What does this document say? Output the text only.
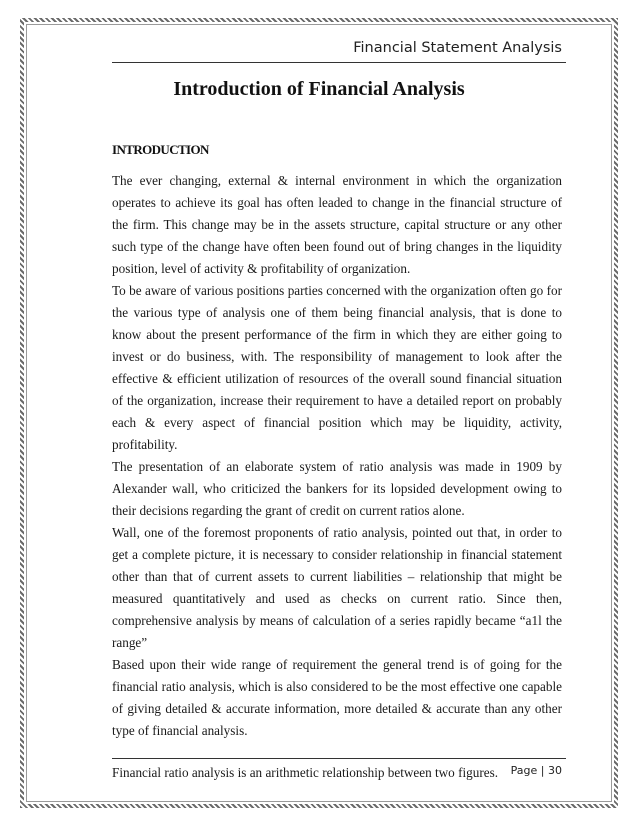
Financial Statement Analysis
Introduction of Financial Analysis
INTRODUCTION

The ever changing, external & internal environment in which the organization operates to achieve its goal has often leaded to change in the financial structure of the firm. This change may be in the assets structure, capital structure or any other such type of the change have often been found out of bring changes in the liquidity position, level of activity & profitability of organization.

To be aware of various positions parties concerned with the organization often go for the various type of analysis one of them being financial analysis, that is done to know about the present performance of the firm in which they are either going to invest or do business, with. The responsibility of management to look after the effective & efficient utilization of resources of the overall sound financial situation of the organization, increase their requirement to have a detailed report on probably each & every aspect of financial position which may be liquidity, activity, profitability.

The presentation of an elaborate system of ratio analysis was made in 1909 by Alexander wall, who criticized the bankers for its lopsided development owing to their decisions regarding the grant of credit on current ratios alone.

Wall, one of the foremost proponents of ratio analysis, pointed out that, in order to get a complete picture, it is necessary to consider relationship in financial statement other than that of current assets to current liabilities – relationship that might be measured quantitatively and used as checks on current ratio. Since then, comprehensive analysis by means of calculation of a series rapidly became “a1l the range”

Based upon their wide range of requirement the general trend is of going for the financial ratio analysis, which is also considered to be the most effective one capable of giving detailed & accurate information, more detailed & accurate than any other type of financial analysis.

Financial ratio analysis is an arithmetic relationship between two figures.	Page | 30
